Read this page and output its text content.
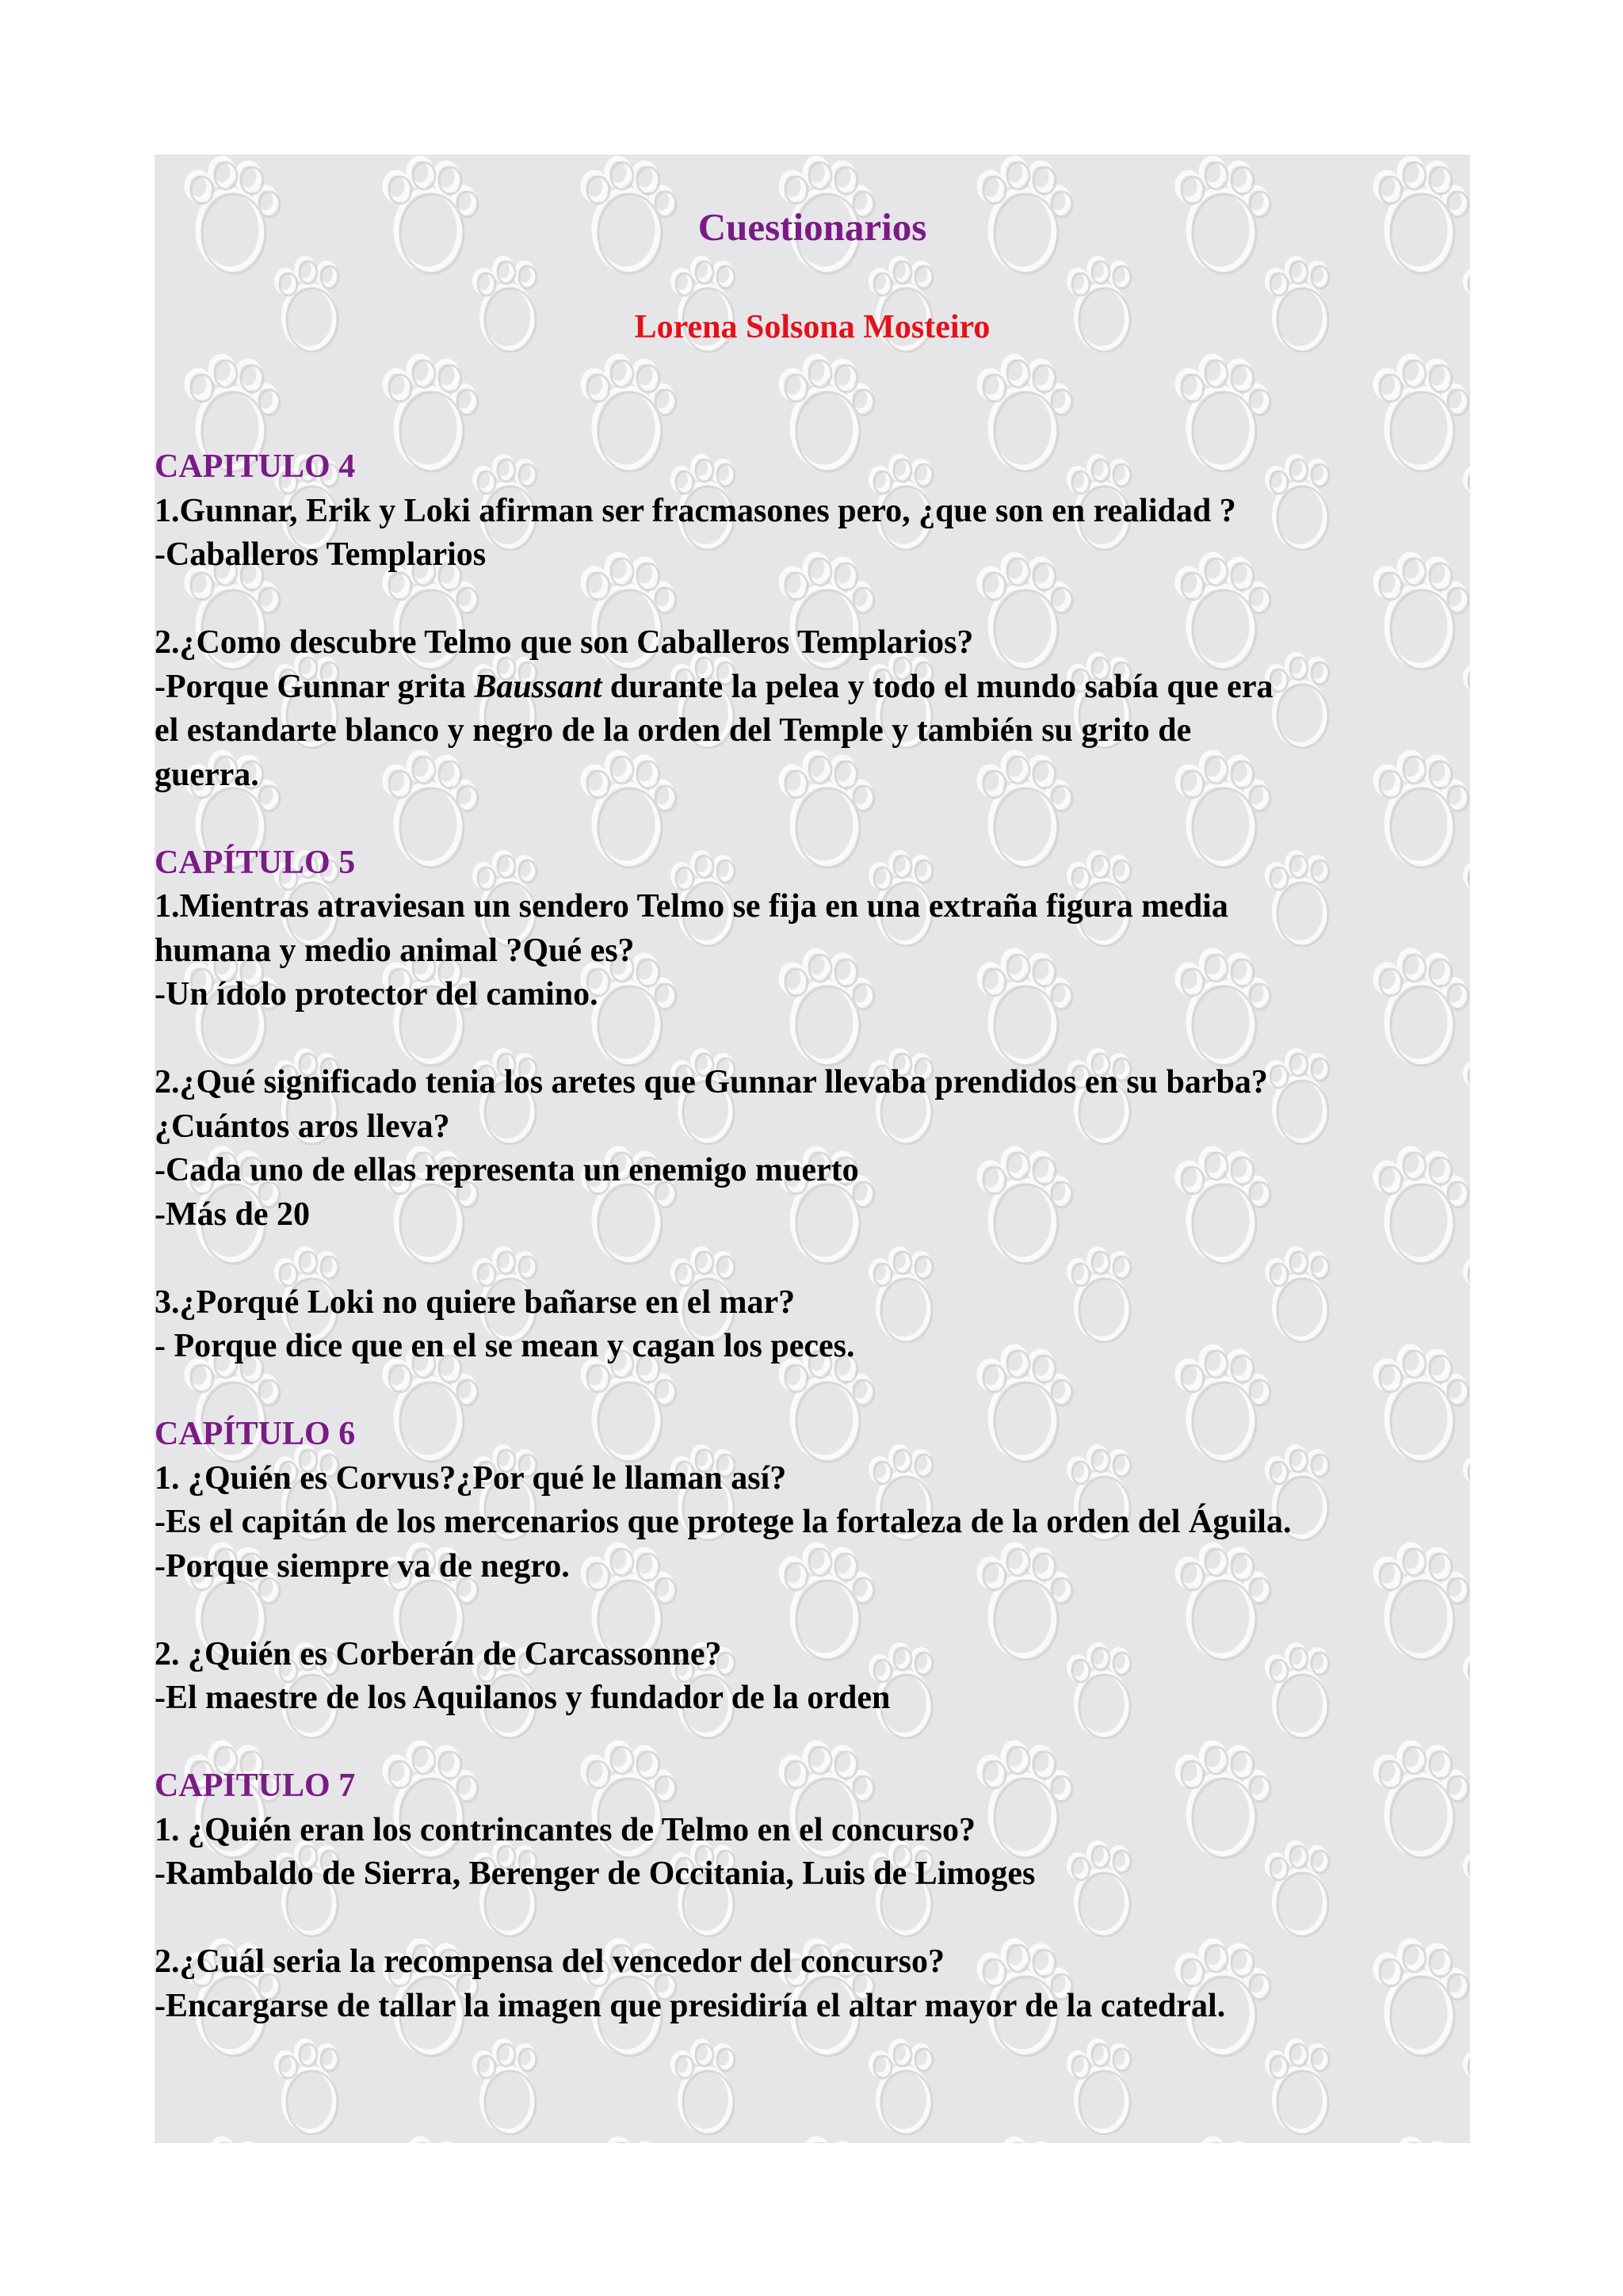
Cuestionarios
Lorena Solsona Mosteiro
CAPITULO 4
1.Gunnar, Erik y Loki afirman ser fracmasones pero, ¿que son en realidad ?
-Caballeros Templarios
2.¿Como descubre Telmo que son Caballeros Templarios?
-Porque Gunnar grita Baussant durante la pelea y todo el mundo sabía que era
el estandarte blanco y negro de la orden del Temple y también su grito de
guerra.
CAPÍTULO 5
1.Mientras atraviesan un sendero Telmo se fija en una extraña figura media
humana y medio animal ?Qué es?
-Un ídolo protector del camino.
2.¿Qué significado tenia los aretes que Gunnar llevaba prendidos en su barba?
¿Cuántos aros lleva?
-Cada uno de ellas representa un enemigo muerto
-Más de 20
3.¿Porqué Loki no quiere bañarse en el mar?
- Porque dice que en el se mean y cagan los peces.
CAPÍTULO 6
1. ¿Quién es Corvus?¿Por qué le llaman así?
-Es el capitán de los mercenarios que protege la fortaleza de la orden del Águila.
-Porque siempre va de negro.
2. ¿Quién es Corberán de Carcassonne?
-El maestre de los Aquilanos y fundador de la orden
CAPITULO 7
1. ¿Quién eran los contrincantes de Telmo en el concurso?
-Rambaldo de Sierra, Berenger de Occitania, Luis de Limoges
2.¿Cuál seria la recompensa del vencedor del concurso?
-Encargarse de tallar la imagen que presidiría el altar mayor de la catedral.
